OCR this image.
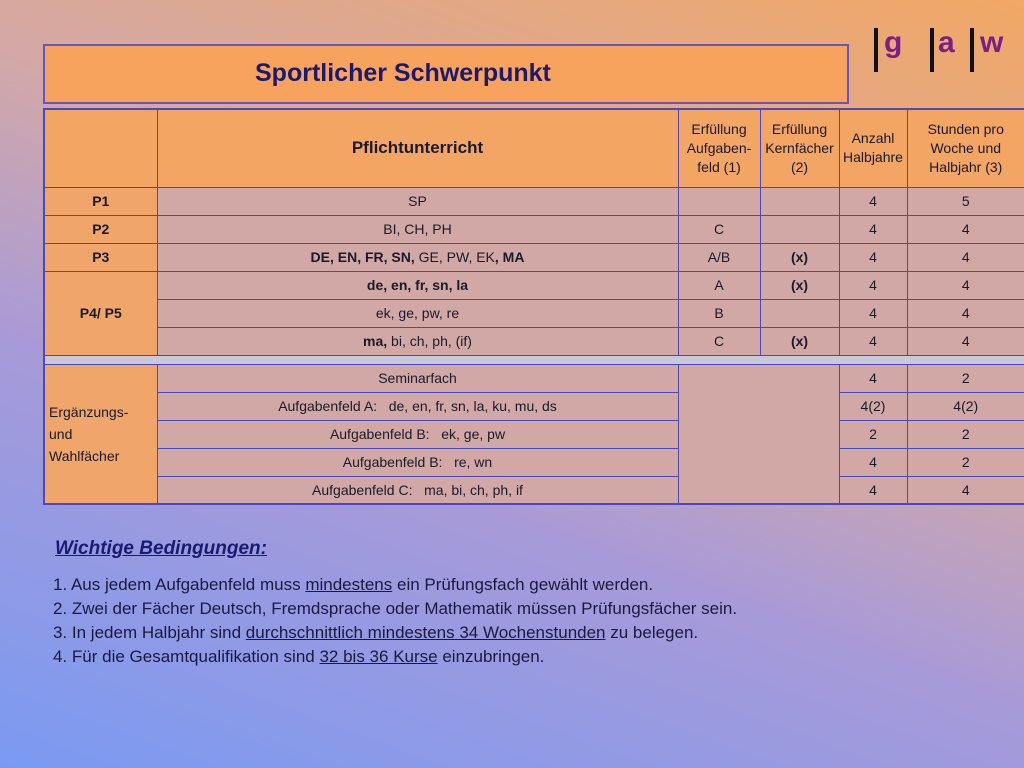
g a w
Sportlicher Schwerpunkt
	Pflichtunterricht	Erfüllung
Aufgaben-
feld (1)	Erfüllung
Kernfächer
(2)	Anzahl
Halbjahre	Stunden pro
Woche und
Halbjahr (3)
P1	SP			4	5
P2	BI, CH, PH	C		4	4
P3	DE, EN, FR, SN, GE, PW, EK, MA	A/B	(x)	4	4
P4/ P5	de, en, fr, sn, la	A	(x)	4	4
	ek, ge, pw, re	B		4	4
	ma, bi, ch, ph, (if)	C	(x)	4	4

Ergänzungs-
und
Wahlfächer	Seminarfach			4	2
	Aufgabenfeld A:   de, en, fr, sn, la, ku, mu, ds			4(2)	4(2)
	Aufgabenfeld B:   ek, ge, pw			2	2
	Aufgabenfeld B:   re, wn			4	2
	Aufgabenfeld C:   ma, bi, ch, ph, if			4	4
Wichtige Bedingungen:
1. Aus jedem Aufgabenfeld muss mindestens ein Prüfungsfach gewählt werden.
2. Zwei der Fächer Deutsch, Fremdsprache oder Mathematik müssen Prüfungsfächer sein.
3. In jedem Halbjahr sind durchschnittlich mindestens 34 Wochenstunden zu belegen.
4. Für die Gesamtqualifikation sind 32 bis 36 Kurse einzubringen.
